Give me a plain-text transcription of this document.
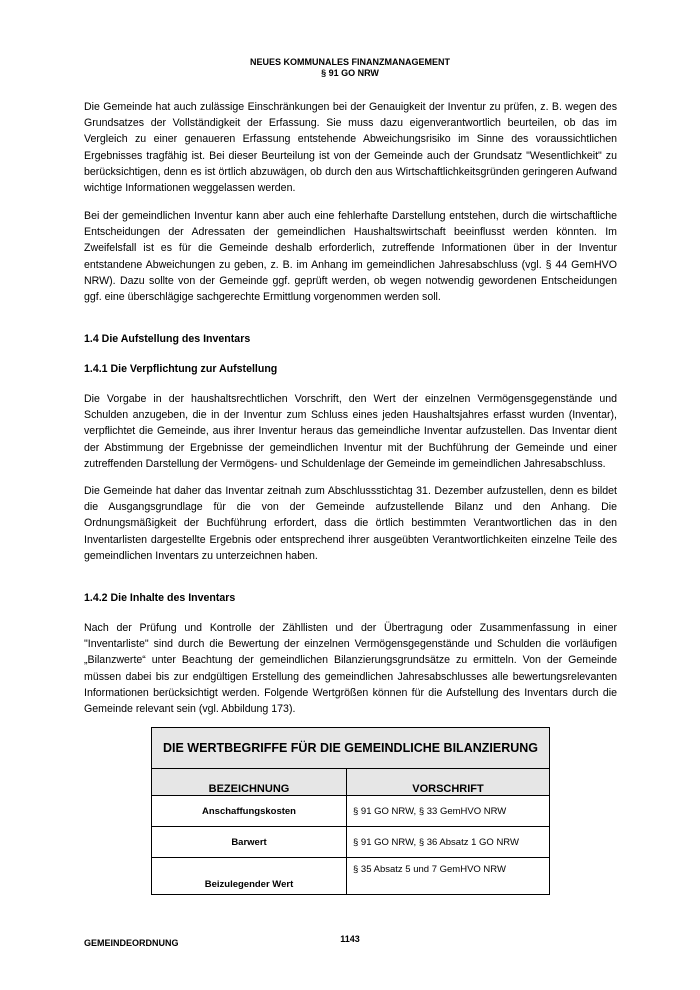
NEUES KOMMUNALES FINANZMANAGEMENT
§ 91 GO NRW

Die Gemeinde hat auch zulässige Einschränkungen bei der Genauigkeit der Inventur zu prüfen, z. B. wegen des Grundsatzes der Vollständigkeit der Erfassung. Sie muss dazu eigenverantwortlich beurteilen, ob das im Vergleich zu einer genaueren Erfassung entstehende Abweichungsrisiko im Sinne des voraussichtlichen Ergebnisses tragfähig ist. Bei dieser Beurteilung ist von der Gemeinde auch der Grundsatz "Wesentlichkeit" zu berücksichtigen, denn es ist örtlich abzuwägen, ob durch den aus Wirtschaftlichkeitsgründen geringeren Aufwand wichtige Informationen weggelassen werden.

Bei der gemeindlichen Inventur kann aber auch eine fehlerhafte Darstellung entstehen, durch die wirtschaftliche Entscheidungen der Adressaten der gemeindlichen Haushaltswirtschaft beeinflusst werden könnten. Im Zweifelsfall ist es für die Gemeinde deshalb erforderlich, zutreffende Informationen über in der Inventur entstandene Abweichungen zu geben, z. B. im Anhang im gemeindlichen Jahresabschluss (vgl. § 44 GemHVO NRW). Dazu sollte von der Gemeinde ggf. geprüft werden, ob wegen notwendig gewordenen Entscheidungen ggf. eine überschlägige sachgerechte Ermittlung vorgenommen werden soll.

1.4 Die Aufstellung des Inventars
1.4.1 Die Verpflichtung zur Aufstellung

Die Vorgabe in der haushaltsrechtlichen Vorschrift, den Wert der einzelnen Vermögensgegenstände und Schulden anzugeben, die in der Inventur zum Schluss eines jeden Haushaltsjahres erfasst wurden (Inventar), verpflichtet die Gemeinde, aus ihrer Inventur heraus das gemeindliche Inventar aufzustellen. Das Inventar dient der Abstimmung der Ergebnisse der gemeindlichen Inventur mit der Buchführung der Gemeinde und einer zutreffenden Darstellung der Vermögens- und Schuldenlage der Gemeinde im gemeindlichen Jahresabschluss.

Die Gemeinde hat daher das Inventar zeitnah zum Abschlussstichtag 31. Dezember aufzustellen, denn es bildet die Ausgangsgrundlage für die von der Gemeinde aufzustellende Bilanz und den Anhang. Die Ordnungsmäßigkeit der Buchführung erfordert, dass die örtlich bestimmten Verantwortlichen das in den Inventarlisten dargestellte Ergebnis oder entsprechend ihrer ausgeübten Verantwortlichkeiten einzelne Teile des gemeindlichen Inventars zu unterzeichnen haben.

1.4.2 Die Inhalte des Inventars

Nach der Prüfung und Kontrolle der Zähllisten und der Übertragung oder Zusammenfassung in einer "Inventarliste" sind durch die Bewertung der einzelnen Vermögensgegenstände und Schulden die vorläufigen „Bilanzwerte“ unter Beachtung der gemeindlichen Bilanzierungsgrundsätze zu ermitteln. Von der Gemeinde müssen dabei bis zur endgültigen Erstellung des gemeindlichen Jahresabschlusses alle bewertungsrelevanten Informationen berücksichtigt werden. Folgende Wertgrößen können für die Aufstellung des Inventars durch die Gemeinde relevant sein (vgl. Abbildung 173).

DIE WERTBEGRIFFE FÜR DIE GEMEINDLICHE BILANZIERUNG	
BEZEICHNUNG	VORSCHRIFT
Anschaffungskosten	§ 91 GO NRW, § 33 GemHVO NRW
Barwert	§ 91 GO NRW, § 36 Absatz 1 GO NRW
Beizulegender Wert	§ 35 Absatz 5 und 7 GemHVO NRW
GEMEINDEORDNUNG	1143
